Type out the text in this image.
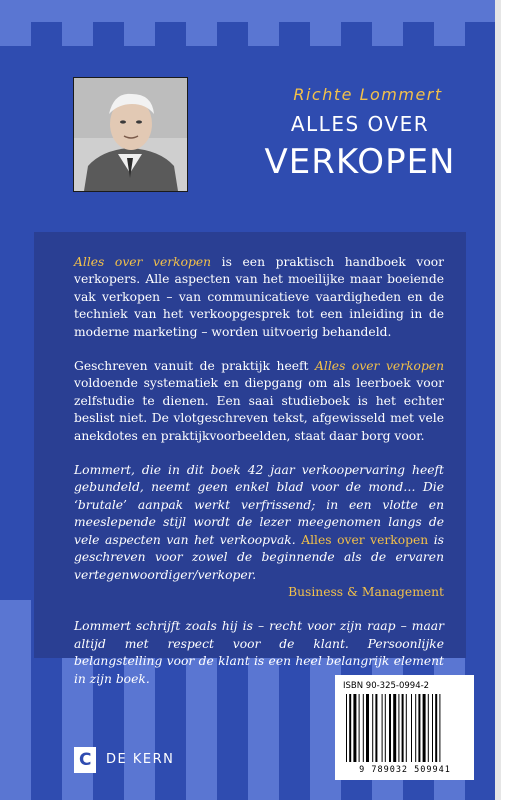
Richte Lommert
ALLES OVER
VERKOPEN

Alles over verkopen is een praktisch handboek voor verkopers. Alle aspecten van het moeilijke maar boeiende vak verkopen – van communicatieve vaardigheden en de techniek van het verkoopgesprek tot een inleiding in de moderne marketing – worden uitvoerig behandeld.

Geschreven vanuit de praktijk heeft Alles over verkopen voldoende systematiek en diepgang om als leerboek voor zelfstudie te dienen. Een saai studieboek is het echter beslist niet. De vlotgeschreven tekst, afgewisseld met vele anekdotes en praktijkvoorbeelden, staat daar borg voor.

Lommert, die in dit boek 42 jaar verkoopervaring heeft gebundeld, neemt geen enkel blad voor de mond… Die ‘brutale’ aanpak werkt verfrissend; in een vlotte en meeslepende stijl wordt de lezer meegenomen langs de vele aspecten van het verkoopvak. Alles over verkopen is geschreven voor zowel de beginnende als de ervaren vertegenwoordiger/verkoper.
Business & Management

Lommert schrijft zoals hij is – recht voor zijn raap – maar altijd met respect voor de klant. Persoonlijke belangstelling voor de klant is een heel belangrijk element in zijn boek.

ISBN 90-325-0994-2
9 789032 509941
C DE KERN
